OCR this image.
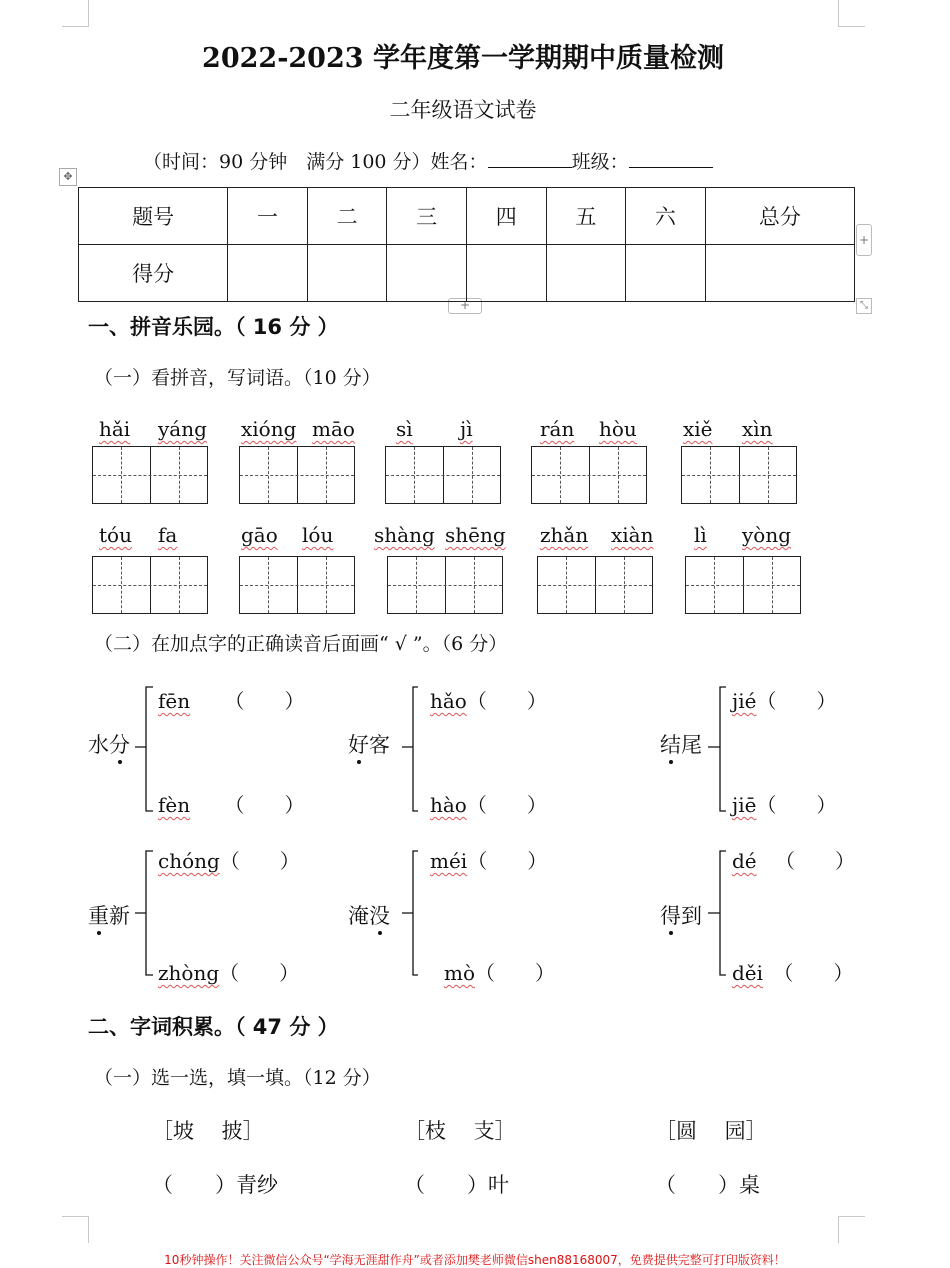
2022-2023 学年度第一学期期中质量检测
二年级语文试卷
（时间：90 分钟　满分 100 分）姓名：	班级：
✥
+
+	⤡
题号	一	二	三	四	五	六	总分
得分							
一、拼音乐园。（ 16 分 ）
（一）看拼音，写词语。（10 分）
hǎi yáng xióng māo sì jì	rán hòu xiě xìn
tóu fa	gāo lóu shàng shēng zhǎn xiàn lì yòng
（二）在加点字的正确读音后面画“ √ ”。（6 分）
水分
fēn （　　）
fèn （　　）
好客
hǎo（　　）
hào（　　）
结尾
jié（　　）
jiē（　　）
重新
chóng（　　）
zhòng（　　）
淹没
méi（　　）
mò（　　）
得到
dé （　　）
děi （　　）
二、字词积累。（ 47 分 ）
（一）选一选，填一填。（12 分）
［坡　 披］	［枝　 支］	［圆　 园］
（　　）青纱	（　　）叶	（　　）桌
10秒钟操作！关注微信公众号“学海无涯甜作舟”或者添加樊老师微信shen88168007，免费提供完整可打印版资料！
